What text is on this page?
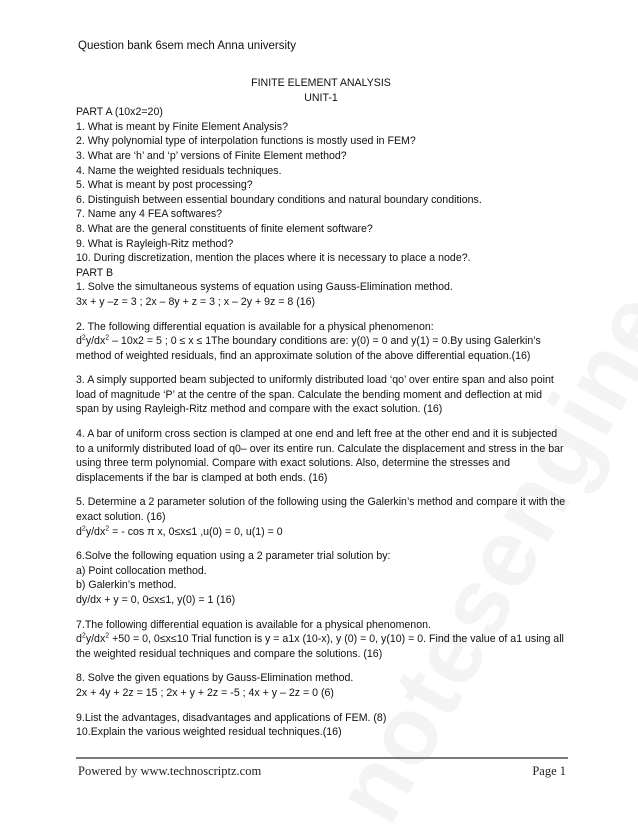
Question bank 6sem mech Anna university
FINITE ELEMENT ANALYSIS
UNIT-1
PART A (10x2=20)
1. What is meant by Finite Element Analysis?
2. Why polynomial type of interpolation functions is mostly used in FEM?
3. What are ‘h’ and ‘p’ versions of Finite Element method?
4. Name the weighted residuals techniques.
5. What is meant by post processing?
6. Distinguish between essential boundary conditions and natural boundary conditions.
7. Name any 4 FEA softwares?
8. What are the general constituents of finite element software?
9. What is Rayleigh-Ritz method?
10. During discretization, mention the places where it is necessary to place a node?.
PART B
1. Solve the simultaneous systems of equation using Gauss-Elimination method.
3x + y –z = 3 ; 2x – 8y + z = 3 ; x – 2y + 9z = 8 (16)
2. The following differential equation is available for a physical phenomenon:
$d^2y/dx^2 - 10x2 = 5$ ; 0 ≤ x ≤ 1The boundary conditions are: y(0) = 0 and y(1) = 0.By using Galerkin’s
method of weighted residuals, find an approximate solution of the above differential equation.(16)
3. A simply supported beam subjected to uniformly distributed load ‘qo’ over entire span and also point load of magnitude ‘P’ at the centre of the span. Calculate the bending moment and deflection at mid span by using Rayleigh-Ritz method and compare with the exact solution. (16)
4. A bar of uniform cross section is clamped at one end and left free at the other end and it is subjected to a uniformly distributed load of q0– over its entire run. Calculate the displacement and stress in the bar using three term polynomial. Compare with exact solutions. Also, determine the stresses and displacements if the bar is clamped at both ends. (16)
5. Determine a 2 parameter solution of the following using the Galerkin’s method and compare it with the exact solution. (16)
$d^2y/dx^2$ = - cos π x, 0≤x≤1 ,u(0) = 0, u(1) = 0
6.Solve the following equation using a 2 parameter trial solution by:
a) Point collocation method.
b) Galerkin’s method.
dy/dx + y = 0, 0≤x≤1, y(0) = 1 (16)
7.The following differential equation is available for a physical phenomenon.
$d^2y/dx^2 +50 = 0$, 0≤x≤10 Trial function is y = a1x (10-x), y (0) = 0, y(10) = 0. Find the value of a1 using all
the weighted residual techniques and compare the solutions. (16)
8. Solve the given equations by Gauss-Elimination method.
2x + 4y + 2z = 15 ; 2x + y + 2z = -5 ; 4x + y – 2z = 0 (6)
9.List the advantages, disadvantages and applications of FEM. (8)
10.Explain the various weighted residual techniques.(16)
Powered by www.technoscriptz.com	Page 1
